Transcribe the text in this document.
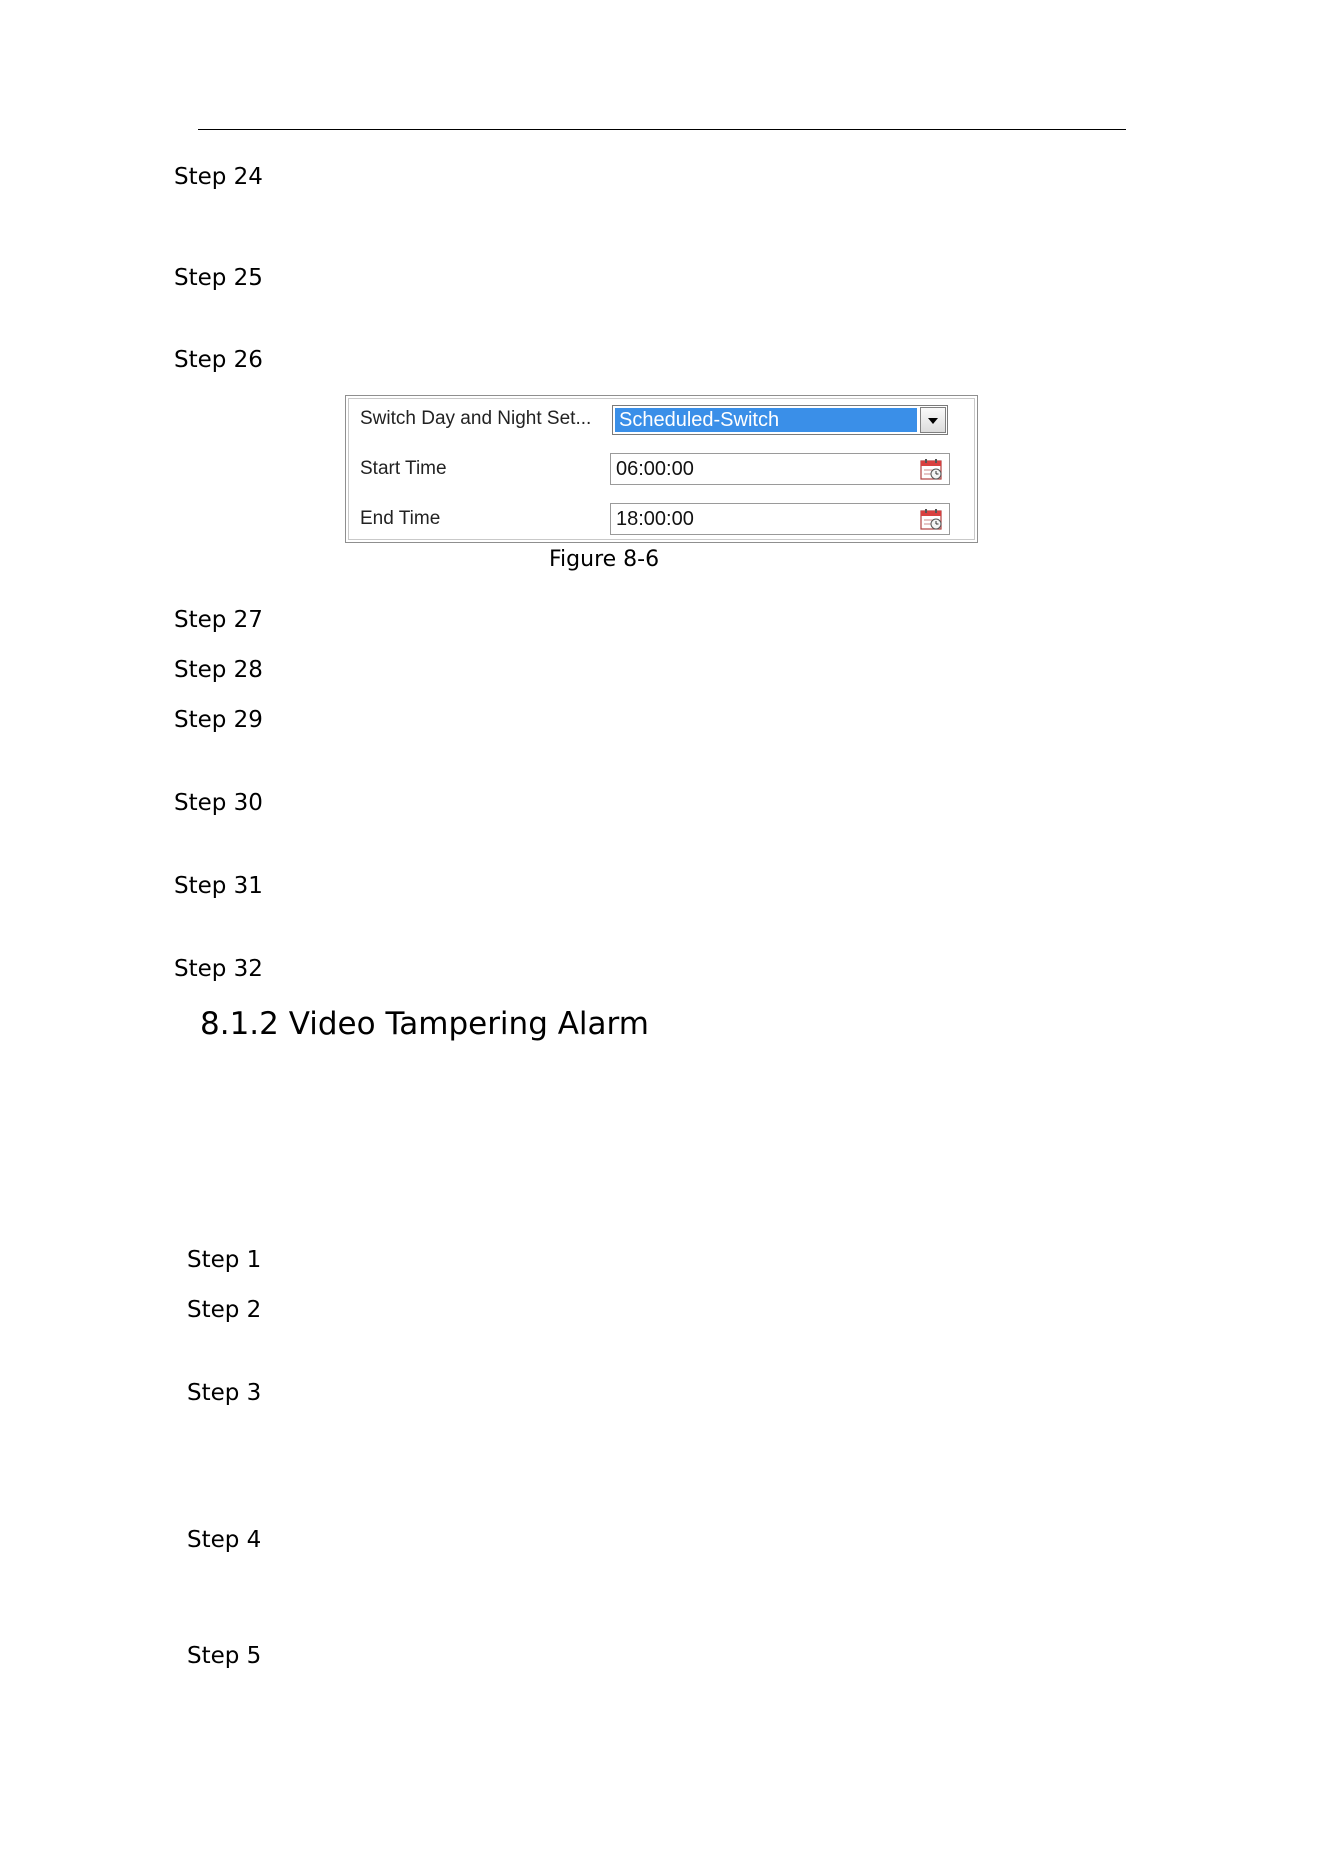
Step 24
Step 25
Step 26
Switch Day and Night Set... Scheduled-Switch
Start Time	06:00:00
End Time	18:00:00
Figure 8-6
Step 27
Step 28
Step 29
Step 30
Step 31
Step 32
8.1.2 Video Tampering Alarm
Step 1
Step 2
Step 3
Step 4
Step 5
